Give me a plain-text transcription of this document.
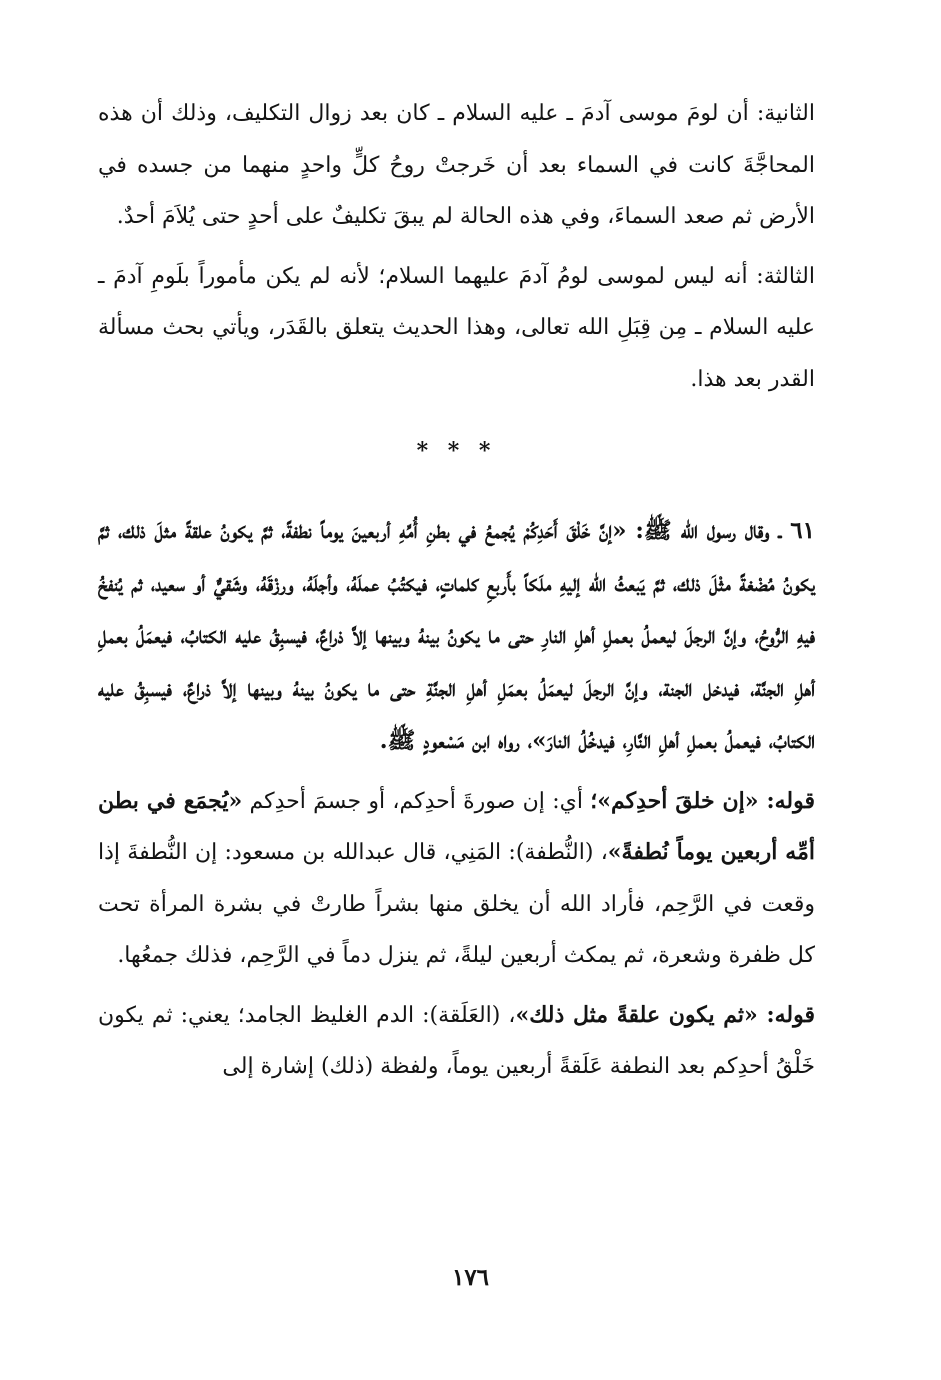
الثانية: أن لومَ موسى آدمَ ـ عليه السلام ـ كان بعد زوال التكليف، وذلك أن هذه المحاجَّةَ كانت في السماء بعد أن خَرجتْ روحُ كلٍّ واحدٍ منهما من جسده في الأرض ثم صعد السماءَ، وفي هذه الحالة لم يبقَ تكليفٌ على أحدٍ حتى يُلاَمَ أحدٌ.

الثالثة: أنه ليس لموسى لومُ آدمَ عليهما السلام؛ لأنه لم يكن مأموراً بلَومِ آدمَ ـ عليه السلام ـ مِن قِبَلِ الله تعالى، وهذا الحديث يتعلق بالقَدَر، ويأتي بحث مسألة القدر بعد هذا.

* * *

٦١ ـ وقال رسول الله ﷺ: «إنَّ خَلْقَ أَحَدِكُمْ يُجمعُ في بطنِ أُمِّهِ أربعينَ يوماً نطفةً، ثمَّ يكونُ علقةً مثلَ ذلك، ثمَّ يكونُ مُضْغةً مثْلَ ذلك، ثمَّ يَبعثُ الله إليهِ ملَكاً بأَربعِ كلماتٍ، فيكتُبُ عملَهُ، وأجلَهُ، ورزْقَهُ، وشَقيٌّ أو سعيد، ثم يُنفخُ فيهِ الرُّوحُ، وإنَّ الرجلَ ليعملُ بعملِ أهلِ النارِ حتى ما يكونُ بينهُ وبينها إلاَّ ذراعٌ، فيسبِقُ عليه الكتابُ، فيعمَلُ بعملِ أهلِ الجنَّة، فيدخل الجنة، وإنَّ الرجلَ ليعمَلُ بعمَلِ أهلِ الجنَّةِ حتى ما يكونُ بينهُ وبينها إلاَّ ذراعٌ، فيسبِقُ عليه الكتابُ، فيعملُ بعملِ أهلِ النَّارِ، فيدخُلُ النارَ»، رواه ابن مَسْعودٍ ﷺ.

قوله: «إن خلقَ أحدِكم»؛ أي: إن صورةَ أحدِكم، أو جسمَ أحدِكم «يُجمَع في بطن أمِّه أربعين يوماً نُطفةً»، (النُّطفة): المَنِي، قال عبدالله بن مسعود: إن النُّطفةَ إذا وقعت في الرَّحِم، فأراد الله أن يخلق منها بشراً طارتْ في بشرة المرأة تحت كل ظفرة وشعرة، ثم يمكث أربعين ليلةً، ثم ينزل دماً في الرَّحِم، فذلك جمعُها.

قوله: «ثم يكون علقةً مثل ذلك»، (العَلَقة): الدم الغليظ الجامد؛ يعني: ثم يكون خَلْقُ أحدِكم بعد النطفة عَلَقةً أربعين يوماً، ولفظة (ذلك) إشارة إلى

١٧٦
